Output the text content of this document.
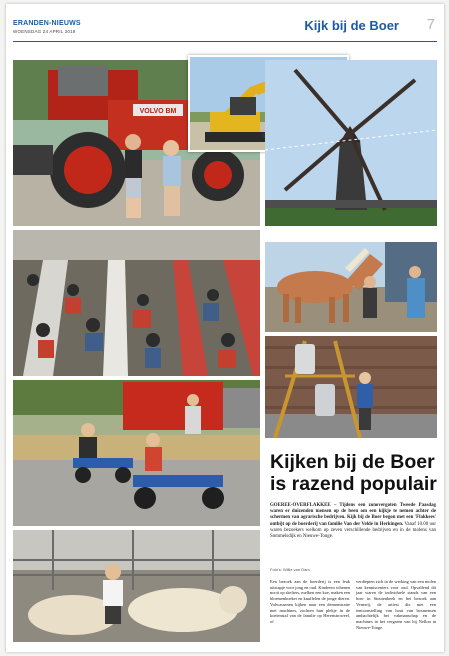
ERANDEN-NIEUWS
WOENSDAG 24 APRIL 2019	Kijk bij de Boer 7
VOLVO BM
Kijken bij de Boer
is razend populair

GOEREE-OVERFLAKKEE – Tijdens een zonovergoten Tweede Paasdag waren er duizenden mensen op de been om een kijkje te nemen achter de schermen van agrarische bedrijven. Kijk bij de Boer begon met een 'Flakkees' ontbijt op de boerderij van familie Van der Velde in Herkingen. Vanaf 10.00 uur waren bezoekers welkom op zeven verschillende bedrijven en in de molens van Sommelsdijk en Nieuwe-Tonge.

Foto's: Willie van Dam

Een bezoek aan de boerderij is een leuk uitstapje voor jong en oud. Kinderen schenen nooit op skelters, melken een koe, maken een bloemenboeket en knuffelen de jonge dieren. Volwassenen kijken naar een demonstratie met machines, zochten hun plekje in de koeienstal van de familie op Herenstroweel, of

verdiepten zich in de werking van een molen van kenniscenters voor oud. Opvallend dit jaar waren de individuele stands van een boer in Stoutenbeek en het bezoek aan Vermeij, de artiest die met een tentoonstelling van hout van bosmensen ambachtelijk het vakmanschap en de machines in het vergaren van bij Nellon in Nieuwe-Tonge.
